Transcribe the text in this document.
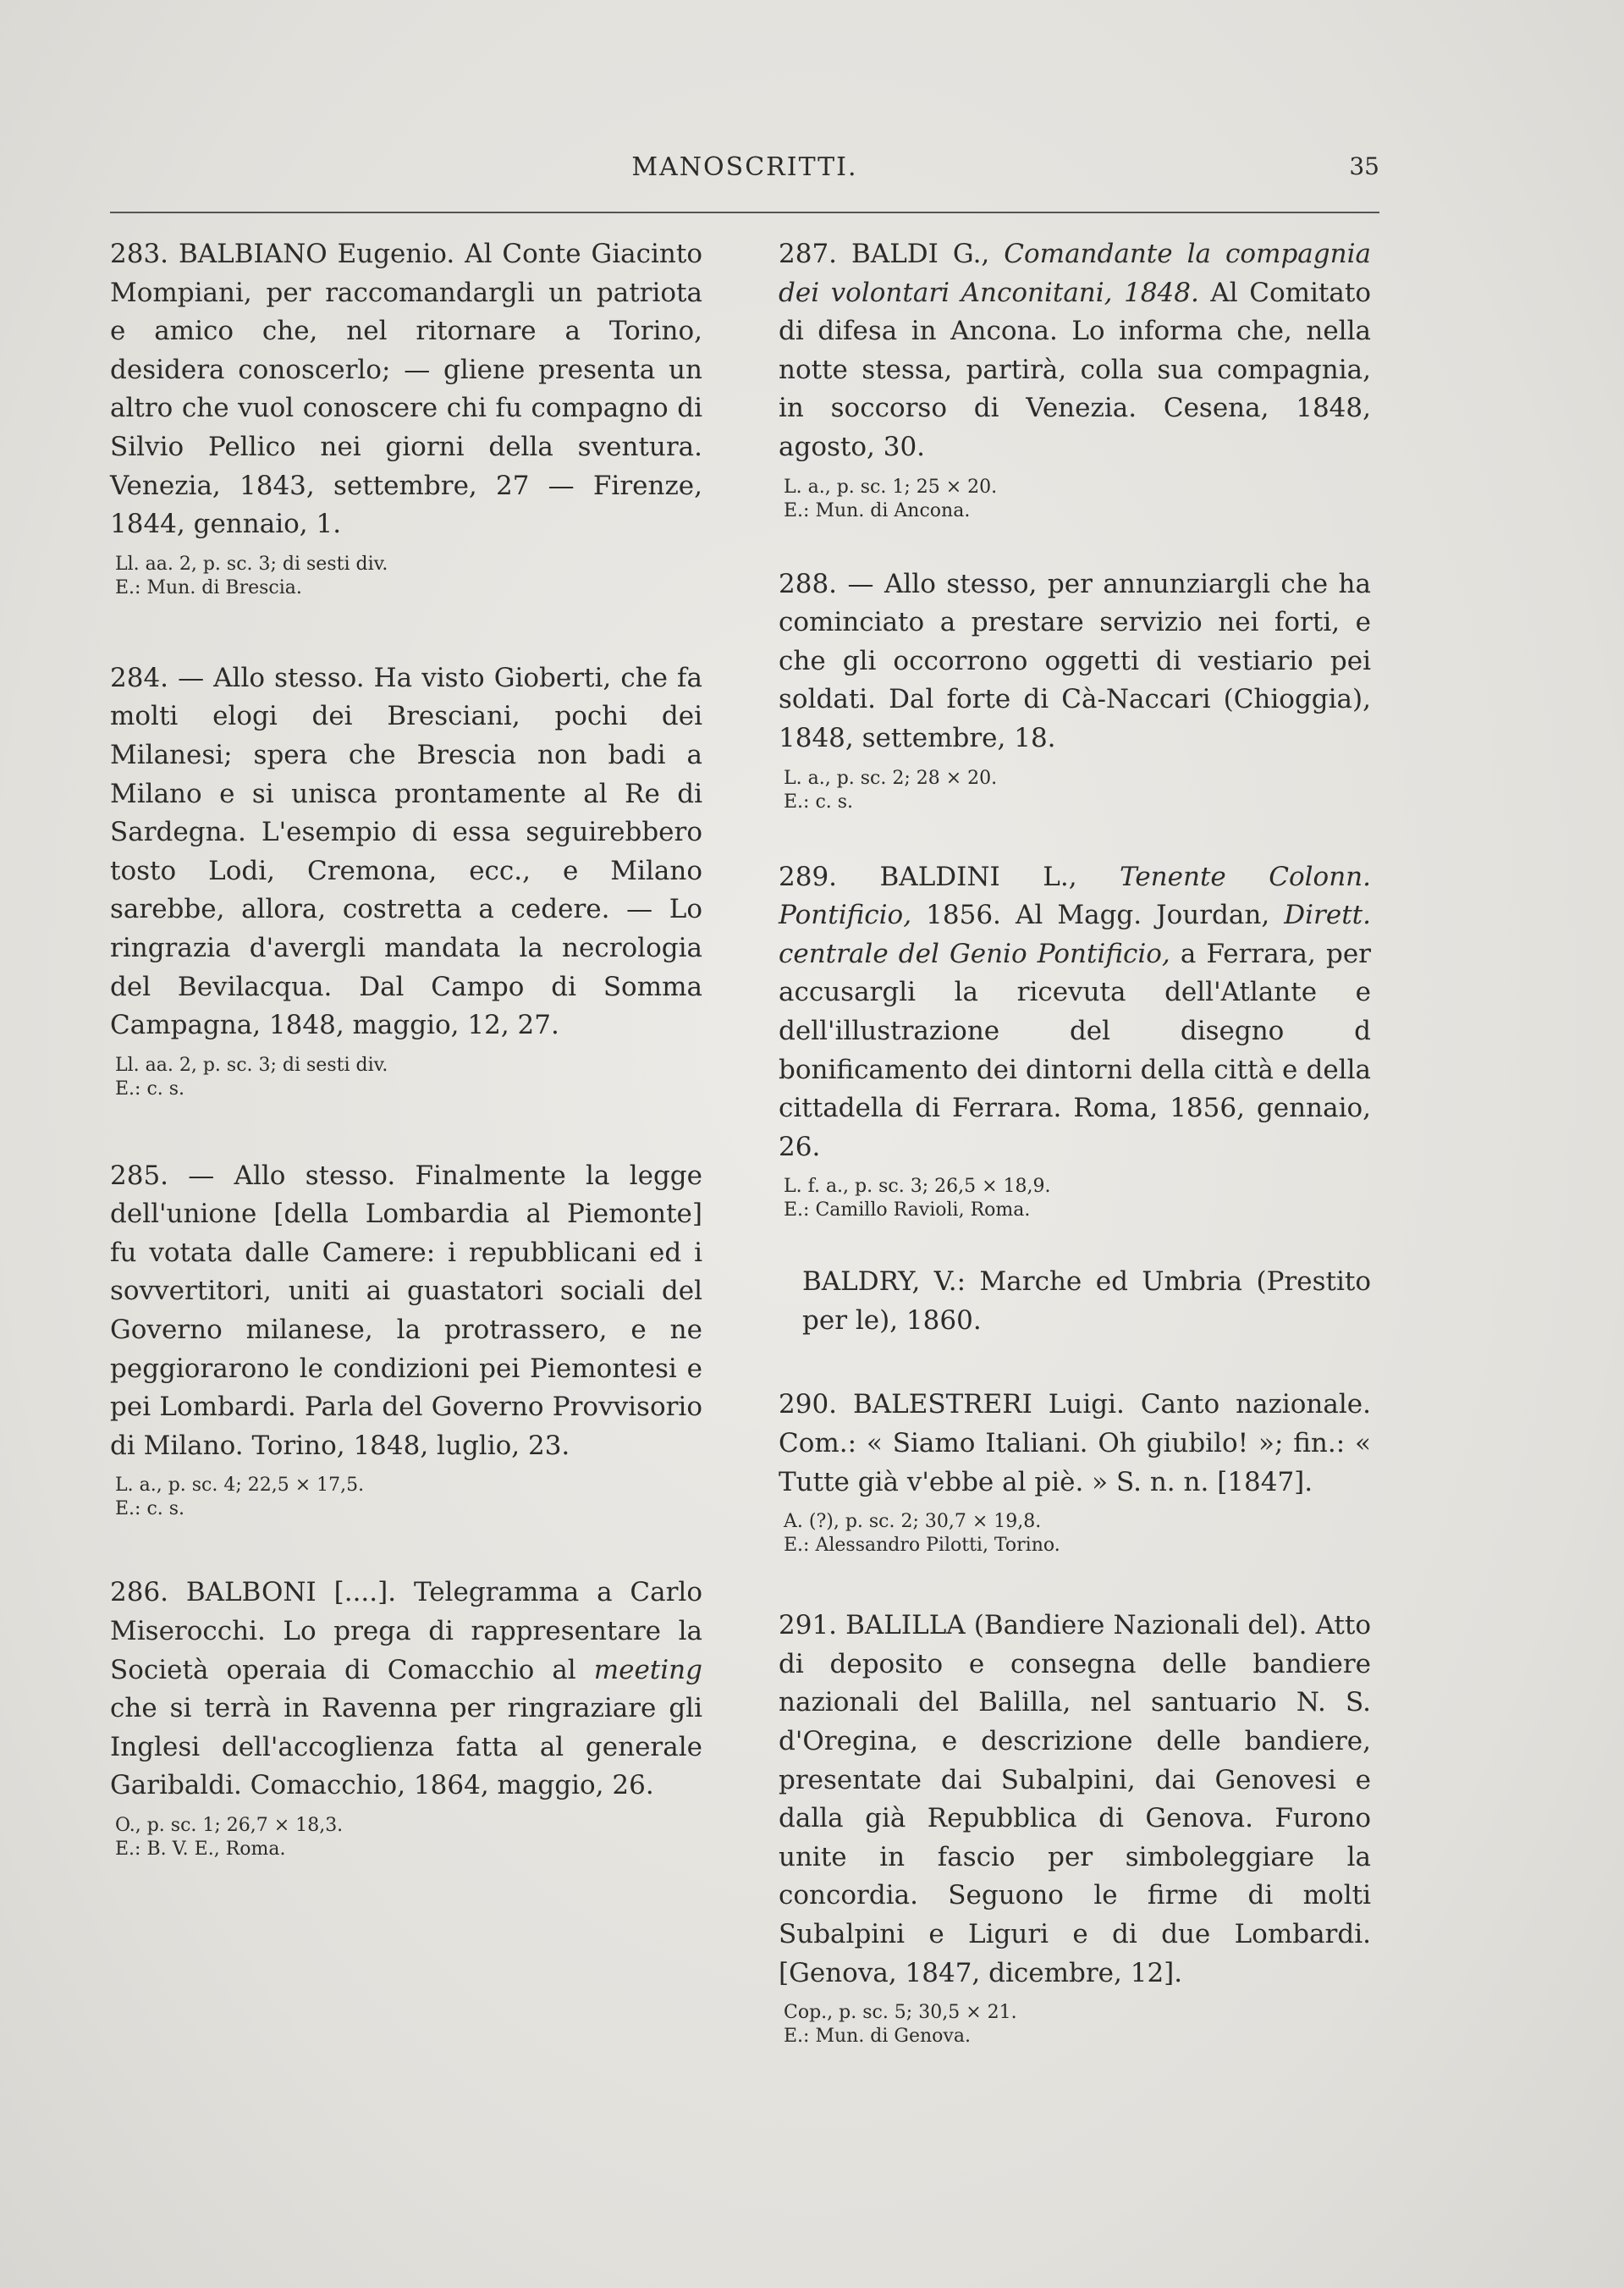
MANOSCRITTI.	35

283. BALBIANO Eugenio. Al Conte Giacinto Mompiani, per raccomandargli un patriota e amico che, nel ritornare a Torino, desidera conoscerlo; — gliene presenta un altro che vuol conoscere chi fu compagno di Silvio Pellico nei giorni della sventura. Venezia, 1843, settembre, 27 — Firenze, 1844, gennaio, 1.

Ll. aa. 2, p. sc. 3; di sesti div.
E.: Mun. di Brescia.

284. — Allo stesso. Ha visto Gioberti, che fa molti elogi dei Bresciani, pochi dei Milanesi; spera che Brescia non badi a Milano e si unisca prontamente al Re di Sardegna. L'esempio di essa seguirebbero tosto Lodi, Cremona, ecc., e Milano sarebbe, allora, costretta a cedere. — Lo ringrazia d'avergli mandata la necrologia del Bevilacqua. Dal Campo di Somma Campagna, 1848, maggio, 12, 27.

Ll. aa. 2, p. sc. 3; di sesti div.
E.: c. s.

285. — Allo stesso. Finalmente la legge dell'unione [della Lombardia al Piemonte] fu votata dalle Camere: i repubblicani ed i sovvertitori, uniti ai guastatori sociali del Governo milanese, la protrassero, e ne peggiorarono le condizioni pei Piemontesi e pei Lombardi. Parla del Governo Provvisorio di Milano. Torino, 1848, luglio, 23.

L. a., p. sc. 4; 22,5 × 17,5.
E.: c. s.

286. BALBONI [....]. Telegramma a Carlo Miserocchi. Lo prega di rappresentare la Società operaia di Comacchio al meeting che si terrà in Ravenna per ringraziare gli Inglesi dell'accoglienza fatta al generale Garibaldi. Comacchio, 1864, maggio, 26.

O., p. sc. 1; 26,7 × 18,3.
E.: B. V. E., Roma.

287. BALDI G., Comandante la compagnia dei volontari Anconitani, 1848. Al Comitato di difesa in Ancona. Lo informa che, nella notte stessa, partirà, colla sua compagnia, in soccorso di Venezia. Cesena, 1848, agosto, 30.

L. a., p. sc. 1; 25 × 20.
E.: Mun. di Ancona.

288. — Allo stesso, per annunziargli che ha cominciato a prestare servizio nei forti, e che gli occorrono oggetti di vestiario pei soldati. Dal forte di Cà-Naccari (Chioggia), 1848, settembre, 18.

L. a., p. sc. 2; 28 × 20.
E.: c. s.

289. BALDINI L., Tenente Colonn. Pontificio, 1856. Al Magg. Jourdan, Dirett. centrale del Genio Pontificio, a Ferrara, per accusargli la ricevuta dell'Atlante e dell'illustrazione del disegno d bonificamento dei dintorni della città e della cittadella di Ferrara. Roma, 1856, gennaio, 26.

L. f. a., p. sc. 3; 26,5 × 18,9.
E.: Camillo Ravioli, Roma.

BALDRY, V.: Marche ed Umbria (Prestito per le), 1860.

290. BALESTRERI Luigi. Canto nazionale. Com.: « Siamo Italiani. Oh giubilo! »; fin.: « Tutte già v'ebbe al piè. » S. n. n. [1847].

A. (?), p. sc. 2; 30,7 × 19,8.
E.: Alessandro Pilotti, Torino.

291. BALILLA (Bandiere Nazionali del). Atto di deposito e consegna delle bandiere nazionali del Balilla, nel santuario N. S. d'Oregina, e descrizione delle bandiere, presentate dai Subalpini, dai Genovesi e dalla già Repubblica di Genova. Furono unite in fascio per simboleggiare la concordia. Seguono le firme di molti Subalpini e Liguri e di due Lombardi. [Genova, 1847, dicembre, 12].

Cop., p. sc. 5; 30,5 × 21.
E.: Mun. di Genova.
